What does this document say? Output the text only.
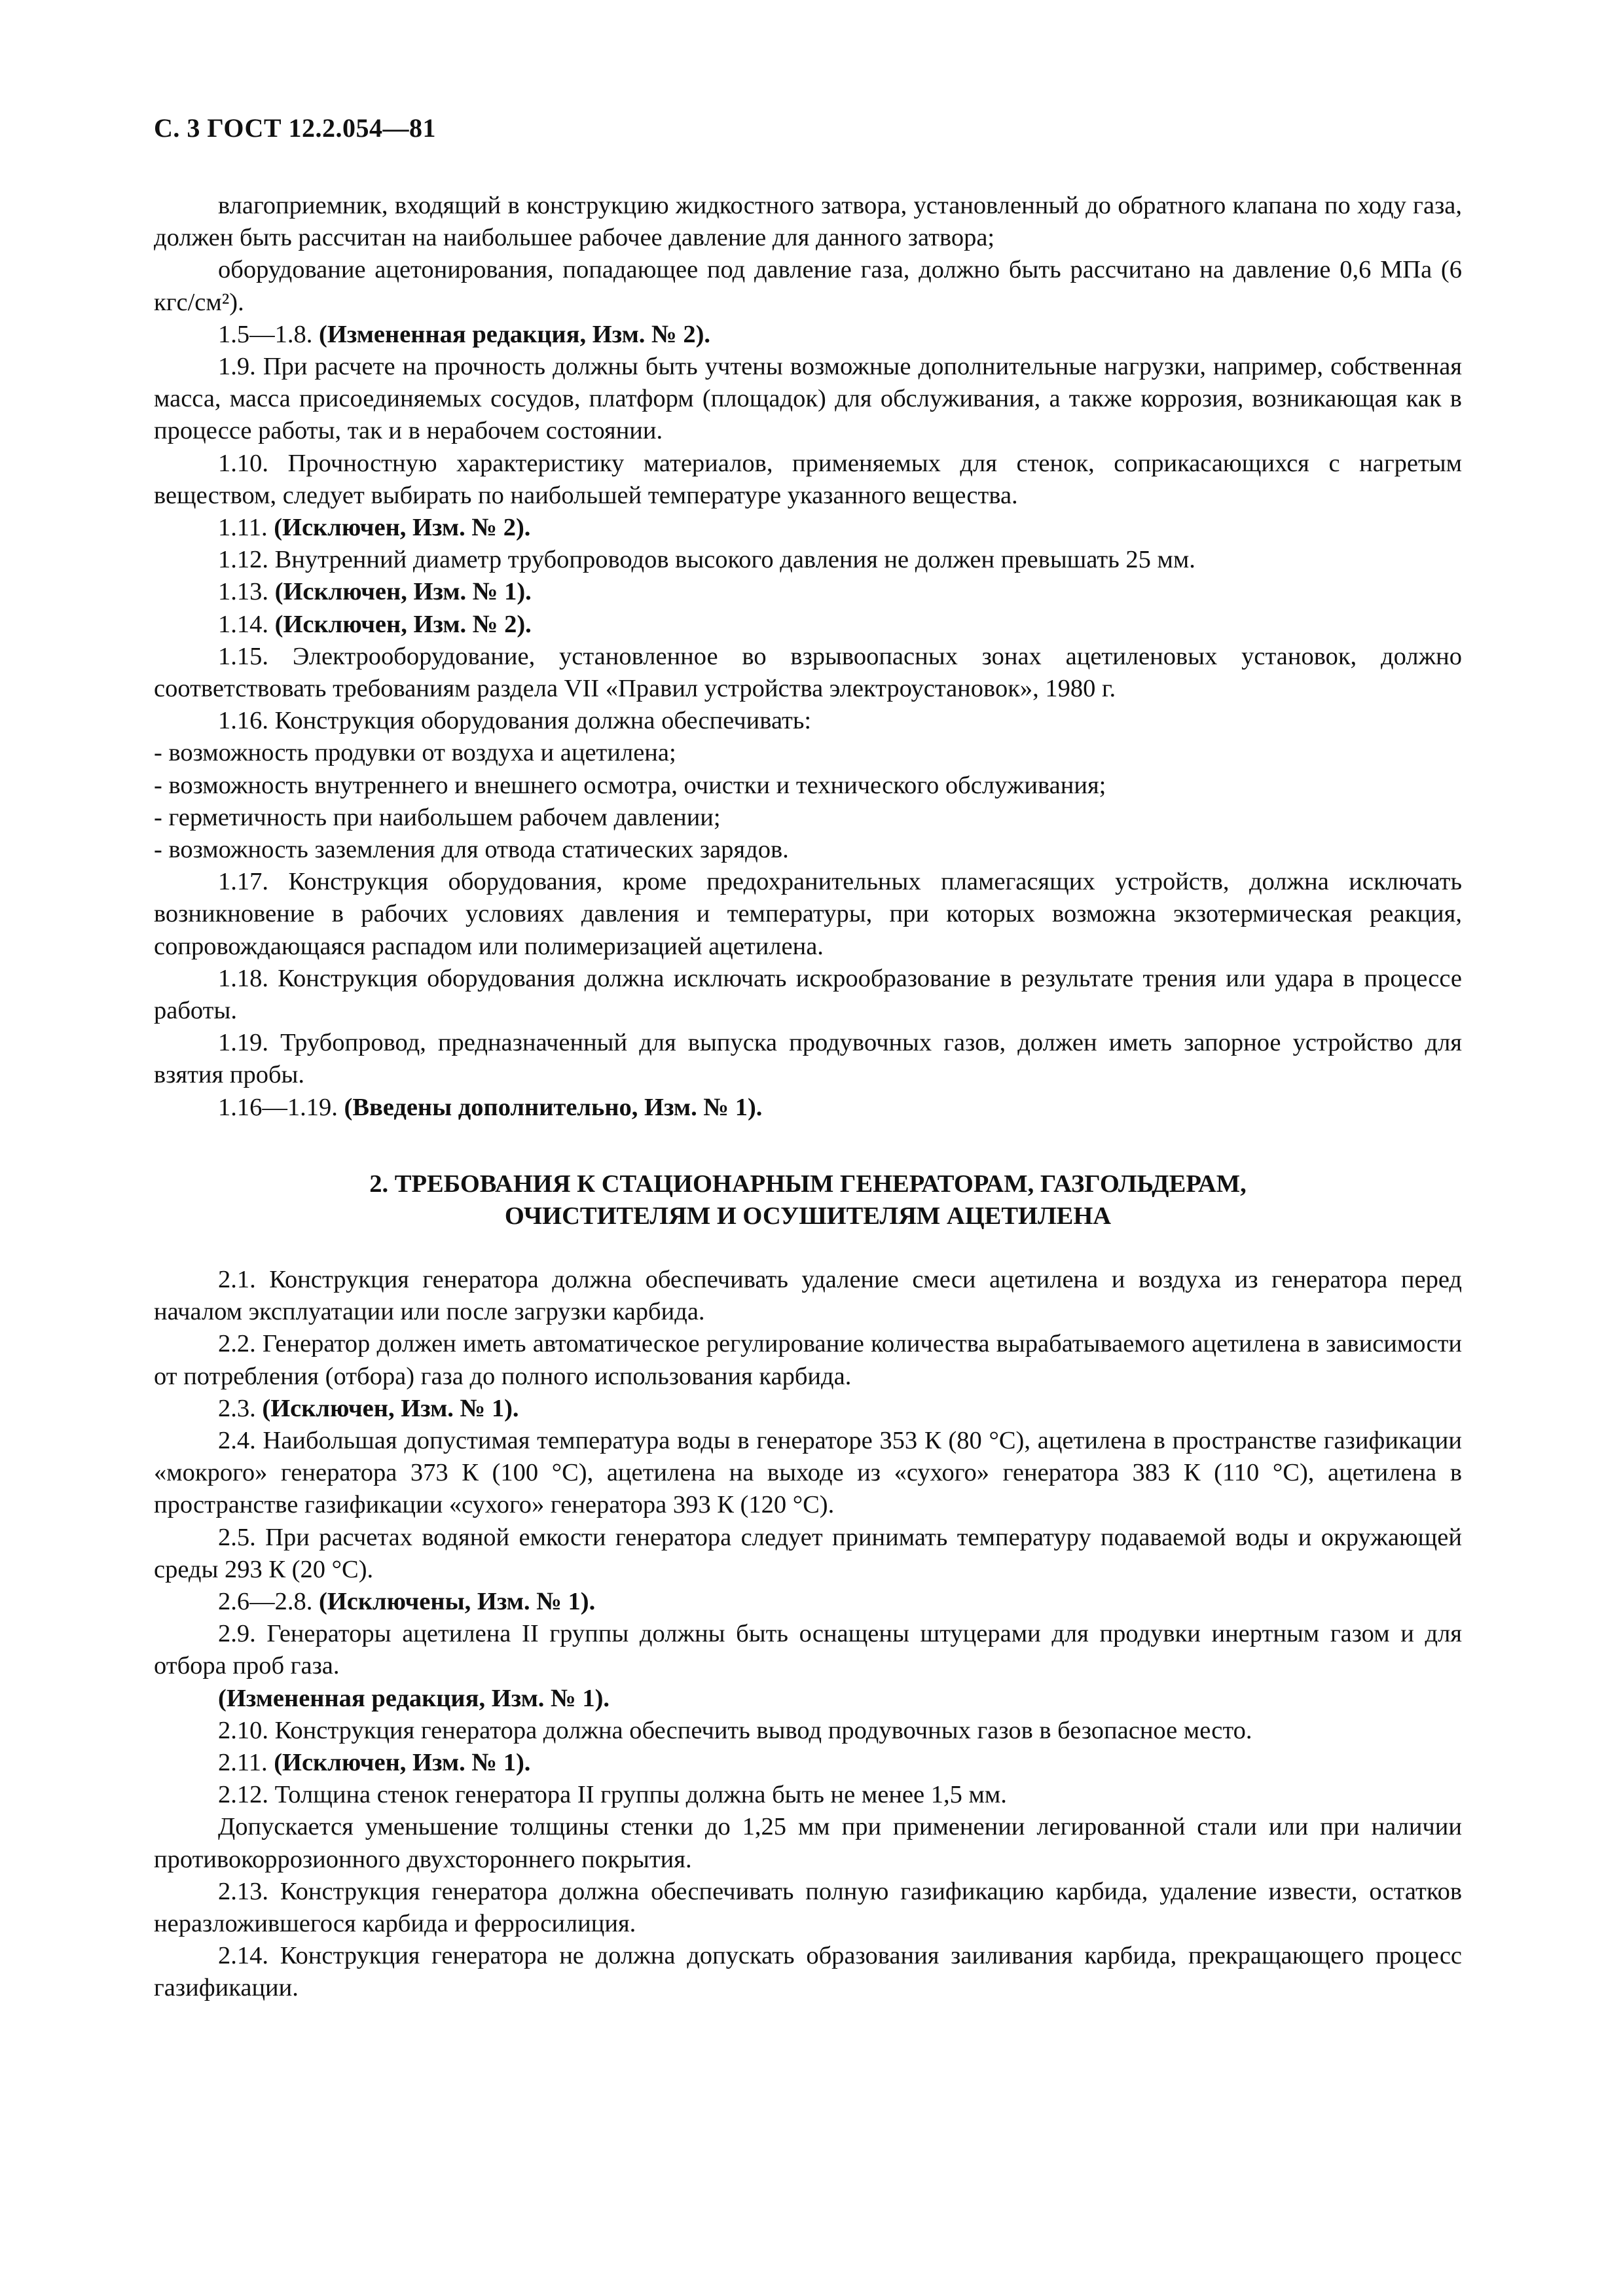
С. 3 ГОСТ 12.2.054—81

влагоприемник, входящий в конструкцию жидкостного затвора, установленный до обратного клапана по ходу газа, должен быть рассчитан на наибольшее рабочее давление для данного затвора;

оборудование ацетонирования, попадающее под давление газа, должно быть рассчитано на давление 0,6 МПа (6 кгс/см²).

1.5—1.8. (Измененная редакция, Изм. № 2).

1.9. При расчете на прочность должны быть учтены возможные дополнительные нагрузки, например, собственная масса, масса присоединяемых сосудов, платформ (площадок) для обслуживания, а также коррозия, возникающая как в процессе работы, так и в нерабочем состоянии.

1.10. Прочностную характеристику материалов, применяемых для стенок, соприкасающихся с нагретым веществом, следует выбирать по наибольшей температуре указанного вещества.

1.11. (Исключен, Изм. № 2).

1.12. Внутренний диаметр трубопроводов высокого давления не должен превышать 25 мм.

1.13. (Исключен, Изм. № 1).

1.14. (Исключен, Изм. № 2).

1.15. Электрооборудование, установленное во взрывоопасных зонах ацетиленовых установок, должно соответствовать требованиям раздела VII «Правил устройства электроустановок», 1980 г.

1.16. Конструкция оборудования должна обеспечивать:

- возможность продувки от воздуха и ацетилена;

- возможность внутреннего и внешнего осмотра, очистки и технического обслуживания;

- герметичность при наибольшем рабочем давлении;

- возможность заземления для отвода статических зарядов.

1.17. Конструкция оборудования, кроме предохранительных пламегасящих устройств, должна исключать возникновение в рабочих условиях давления и температуры, при которых возможна экзотермическая реакция, сопровождающаяся распадом или полимеризацией ацетилена.

1.18. Конструкция оборудования должна исключать искрообразование в результате трения или удара в процессе работы.

1.19. Трубопровод, предназначенный для выпуска продувочных газов, должен иметь запорное устройство для взятия пробы.

1.16—1.19. (Введены дополнительно, Изм. № 1).

2. ТРЕБОВАНИЯ К СТАЦИОНАРНЫМ ГЕНЕРАТОРАМ, ГАЗГОЛЬДЕРАМ,
ОЧИСТИТЕЛЯМ И ОСУШИТЕЛЯМ АЦЕТИЛЕНА

2.1. Конструкция генератора должна обеспечивать удаление смеси ацетилена и воздуха из генератора перед началом эксплуатации или после загрузки карбида.

2.2. Генератор должен иметь автоматическое регулирование количества вырабатываемого ацетилена в зависимости от потребления (отбора) газа до полного использования карбида.

2.3. (Исключен, Изм. № 1).

2.4. Наибольшая допустимая температура воды в генераторе 353 К (80 °С), ацетилена в пространстве газификации «мокрого» генератора 373 К (100 °С), ацетилена на выходе из «сухого» генератора 383 К (110 °С), ацетилена в пространстве газификации «сухого» генератора 393 К (120 °С).

2.5. При расчетах водяной емкости генератора следует принимать температуру подаваемой воды и окружающей среды 293 К (20 °С).

2.6—2.8. (Исключены, Изм. № 1).

2.9. Генераторы ацетилена II группы должны быть оснащены штуцерами для продувки инертным газом и для отбора проб газа.

(Измененная редакция, Изм. № 1).

2.10. Конструкция генератора должна обеспечить вывод продувочных газов в безопасное место.

2.11. (Исключен, Изм. № 1).

2.12. Толщина стенок генератора II группы должна быть не менее 1,5 мм.

Допускается уменьшение толщины стенки до 1,25 мм при применении легированной стали или при наличии противокоррозионного двухстороннего покрытия.

2.13. Конструкция генератора должна обеспечивать полную газификацию карбида, удаление извести, остатков неразложившегося карбида и ферросилиция.

2.14. Конструкция генератора не должна допускать образования заиливания карбида, прекращающего процесс газификации.
